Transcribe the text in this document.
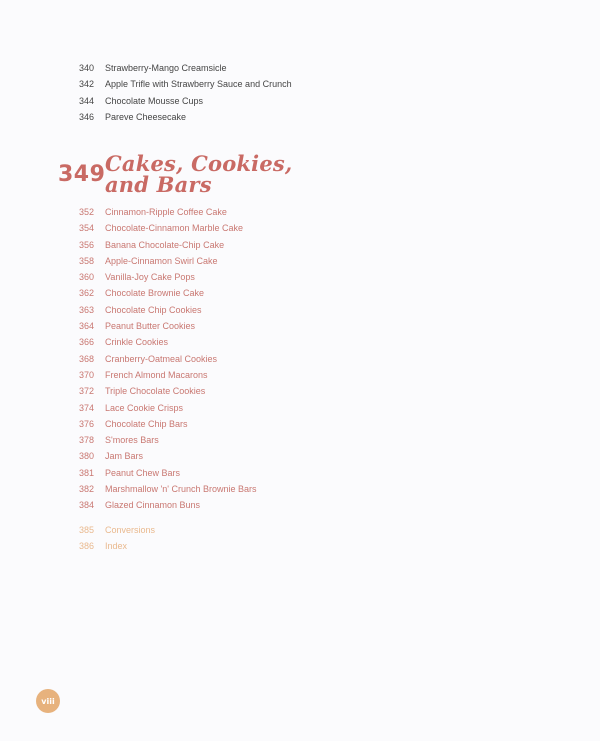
340	Strawberry-Mango Creamsicle
342	Apple Trifle with Strawberry Sauce and Crunch
344	Chocolate Mousse Cups
346	Pareve Cheesecake
349 Cakes, Cookies,
and Bars
352	Cinnamon-Ripple Coffee Cake
354	Chocolate-Cinnamon Marble Cake
356	Banana Chocolate-Chip Cake
358	Apple-Cinnamon Swirl Cake
360	Vanilla-Joy Cake Pops
362	Chocolate Brownie Cake
363	Chocolate Chip Cookies
364	Peanut Butter Cookies
366	Crinkle Cookies
368	Cranberry-Oatmeal Cookies
370	French Almond Macarons
372	Triple Chocolate Cookies
374	Lace Cookie Crisps
376	Chocolate Chip Bars
378	S'mores Bars
380	Jam Bars
381	Peanut Chew Bars
382	Marshmallow 'n' Crunch Brownie Bars
384	Glazed Cinnamon Buns
385	Conversions
386	Index
viii
